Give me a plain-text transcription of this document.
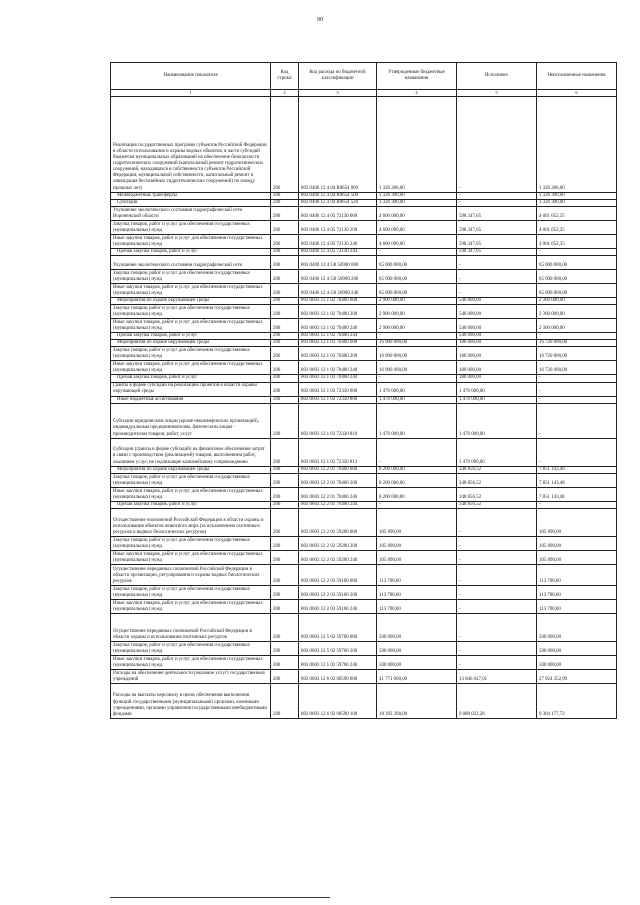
90
Наименование показателя	Код строки	Код расхода по бюджетной классификации	Утвержденные бюджетные назначения	Исполнено	Неисполненные назначения
1	2	3	4	5	6
Реализация государственных программ субъектов Российской Федерации в области использования и охраны водных объектов, в части субсидий бюджетам муниципальных образований на обеспечение безопасности гидротехнических сооружений (капитальный ремонт гидротехнических сооружений, находящихся в собственности субъектов Российской Федерации, муниципальной собственности, капитальный ремонт и ликвидация бесхозяйных гидротехнических сооружений) по поводу прошлых лет)	200	803 0406 12 4 04 R0654 000	1 326 300,00	-	1 326 300,00
Межбюджетные трансферты	200	803 0406 12 4 04 R0654 500	1 326 300,00	-	1 326 300,00
Субсидии	200	803 0406 12 4 04 R0654 520	1 326 300,00	-	1 326 300,00
Улучшение экологического состояния гидрографической сети Воронежской области	200	803 0406 12 4 05 72130 000	4 600 000,00	598 347,65	4 001 652,35
Закупка товаров, работ и услуг для обеспечения государственных (муниципальных) нужд	200	803 0406 12 4 05 72130 200	4 600 000,00	598 347,65	4 001 652,35
Иные закупки товаров, работ и услуг для обеспечения государственных (муниципальных) нужд	200	803 0406 12 4 05 72130 240	4 600 000,00	598 347,65	4 001 652,35
Прочая закупка товаров, работ и услуг	200	803 0406 12 4 05 72130 244	-	598 347,65	-
Улучшение экологического состояния гидрографической сети	200	803 0406 12 4 G8 50900 000	65 000 000,00	-	65 000 000,00
Закупка товаров, работ и услуг для обеспечения государственных (муниципальных) нужд	200	803 0406 12 4 G8 50900 200	65 000 000,00	-	65 000 000,00
Иные закупки товаров, работ и услуг для обеспечения государственных (муниципальных) нужд	200	803 0406 12 4 G8 50900 240	65 000 000,00	-	65 000 000,00
Мероприятия по охране окружающей среды	200	803 0603 12 1 02 70400 000	2 900 000,00	540 000,00	2 360 000,00
Закупка товаров, работ и услуг для обеспечения государственных (муниципальных) нужд	200	803 0603 12 1 02 70400 200	2 900 000,00	540 000,00	2 360 000,00
Иные закупки товаров, работ и услуг для обеспечения государственных (муниципальных) нужд	200	803 0603 12 1 02 70400 240	2 900 000,00	540 000,00	2 360 000,00
Прочая закупка товаров, работ и услуг	200	803 0603 12 1 02 70400 244	-	540 000,00	-
Мероприятия по охране окружающей среды	200	803 0603 12 1 03 70400 000	16 900 000,00	180 000,00	16 720 000,00
Закупка товаров, работ и услуг для обеспечения государственных (муниципальных) нужд	200	803 0603 12 1 03 70400 200	16 900 000,00	180 000,00	16 720 000,00
Иные закупки товаров, работ и услуг для обеспечения государственных (муниципальных) нужд	200	803 0603 12 1 03 70400 240	16 900 000,00	180 000,00	16 720 000,00
Прочая закупка товаров, работ и услуг	200	803 0603 12 1 03 70400 244	-	180 000,00	-
Гранты в форме субсидий на реализацию проектов в области охраны окружающей среды	200	803 0603 12 1 03 72330 000	1 470 000,00	1 470 000,00	-
Иные бюджетные ассигнования	200	803 0603 12 1 03 72330 800	1 470 000,00	1 470 000,00	-
Субсидии юридическим лицам (кроме некоммерческих организаций), индивидуальным предпринимателям, физическим лицам - производителям товаров, работ, услуг	200	803 0603 12 1 03 72330 810	1 470 000,00	1 470 000,00	-
Субсидии (гранты в форме субсидий) на финансовое обеспечение затрат в связи с производством (реализацией) товаров, выполнением работ, оказанием услуг, не подлежащие казначейскому сопровождению	200	803 0603 12 1 03 72330 813	-	1 470 000,00	-
Мероприятия по охране окружающей среды	200	803 0603 12 2 01 70400 000	8 200 000,00	348 856,52	7 851 143,48
Закупка товаров, работ и услуг для обеспечения государственных (муниципальных) нужд	200	803 0603 12 2 01 70400 200	8 200 000,00	348 856,52	7 851 143,48
Иные закупки товаров, работ и услуг для обеспечения государственных (муниципальных) нужд	200	803 0603 12 2 01 70400 240	8 200 000,00	348 856,52	7 851 143,48
Прочая закупка товаров, работ и услуг	200	803 0603 12 2 01 70400 244	-	348 856,52	-
Осуществление полномочий Российской Федерации в области охраны и использования объектов животного мира (за исключением охотничьих ресурсов и водных биологических ресурсов)	200	803 0603 12 2 02 59200 000	105 890,00	-	105 890,00
Закупка товаров, работ и услуг для обеспечения государственных (муниципальных) нужд	200	803 0603 12 2 02 59200 200	105 890,00	-	105 890,00
Иные закупки товаров, работ и услуг для обеспечения государственных (муниципальных) нужд	200	803 0603 12 2 02 59200 240	105 890,00	-	105 890,00
Осуществление переданных полномочий Российской Федерации в области организации, регулирования и охраны водных биологических ресурсов	200	803 0603 12 2 03 59100 000	113 700,00	-	113 700,00
Закупка товаров, работ и услуг для обеспечения государственных (муниципальных) нужд	200	803 0603 12 2 03 59100 200	113 700,00	-	113 700,00
Иные закупки товаров, работ и услуг для обеспечения государственных (муниципальных) нужд	200	803 0603 12 2 03 59100 240	113 700,00	-	113 700,00
Осуществление переданных полномочий Российской Федерации в области охраны и использования охотничьих ресурсов	200	803 0603 12 5 02 59700 000	500 000,00	-	500 000,00
Закупка товаров, работ и услуг для обеспечения государственных (муниципальных) нужд	200	803 0603 12 5 02 59700 200	500 000,00	-	500 000,00
Иные закупки товаров, работ и услуг для обеспечения государственных (муниципальных) нужд	200	803 0603 12 5 02 59700 240	500 000,00	-	500 000,00
Расходы на обеспечение деятельности (оказание услуг) государственных учреждений	200	803 0603 12 6 02 00590 000	41 771 000,00	13 846 647,01	27 924 352,99
Расходы на выплаты персоналу в целях обеспечения выполнения функций государственными (муниципальными) органами, казенными учреждениями, органами управления государственными внебюджетными фондами	200	803 0603 12 6 02 00590 100	18 392 200,00	9 088 022,28	9 304 177,72
